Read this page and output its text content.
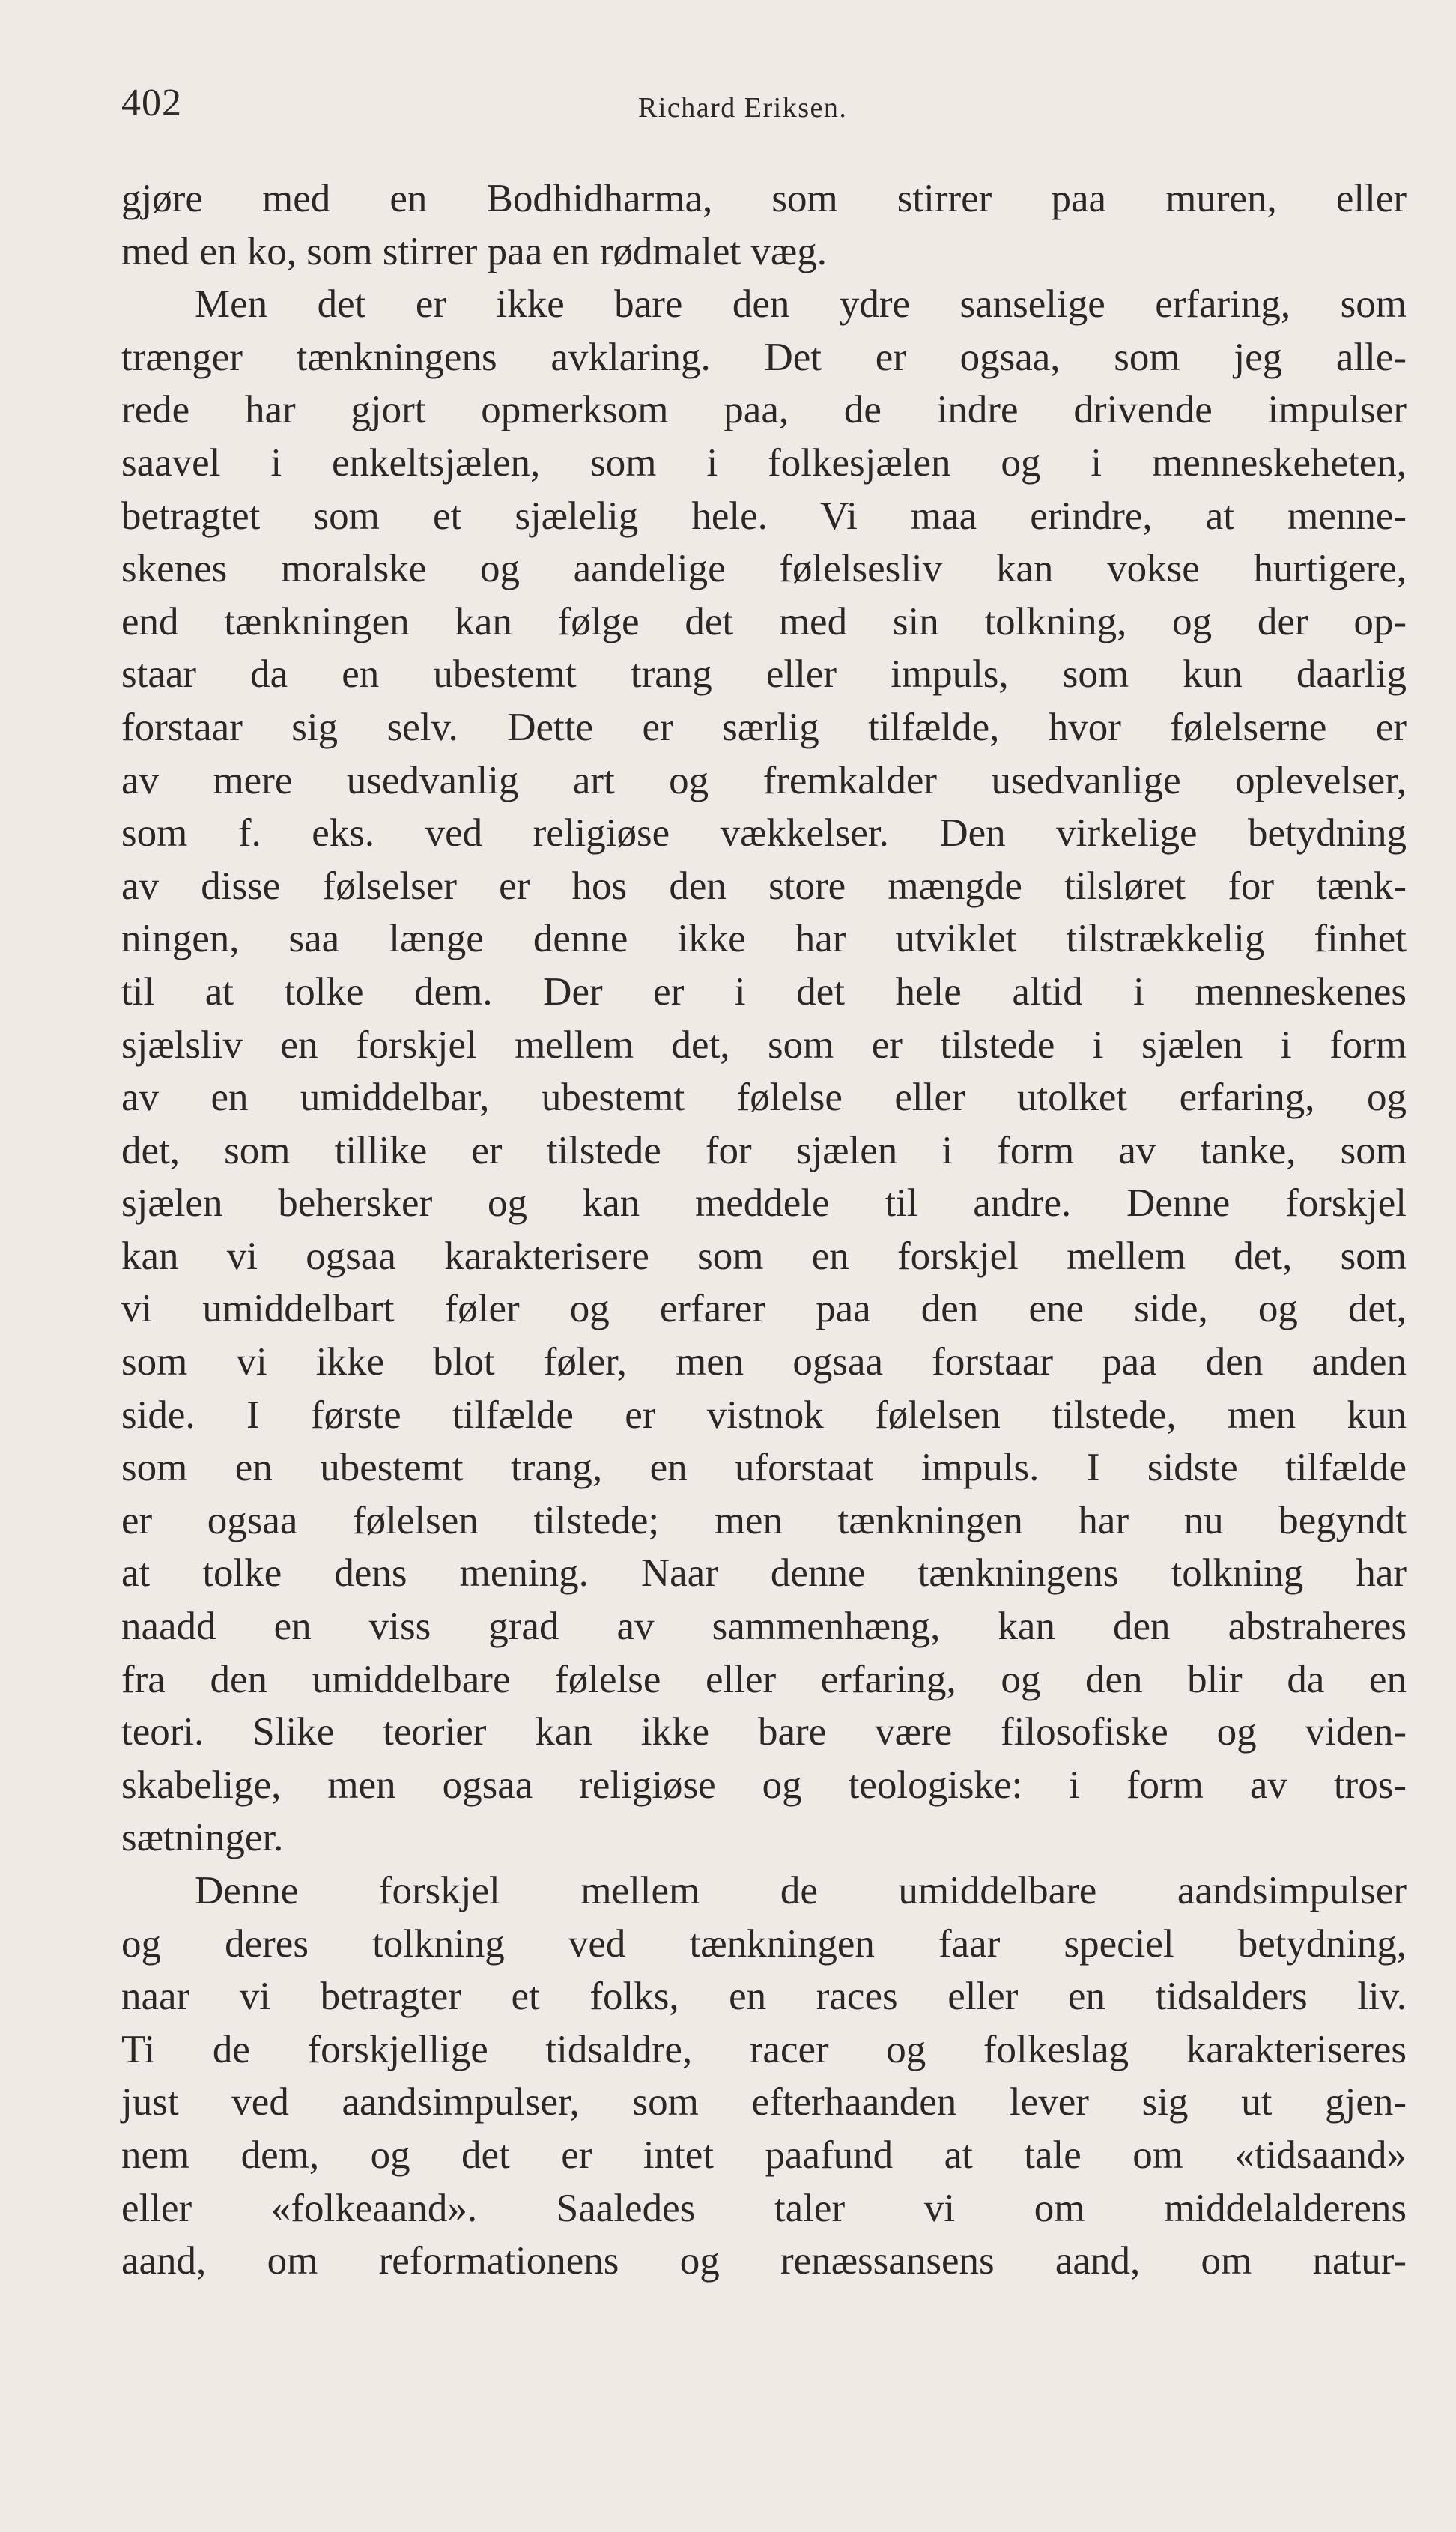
402	Richard Eriksen.
gjøre med en Bodhidharma, som stirrer paa muren, eller
med en ko, som stirrer paa en rødmalet væg.
Men det er ikke bare den ydre sanselige erfaring, som
trænger tænkningens avklaring. Det er ogsaa, som jeg alle-
rede har gjort opmerksom paa, de indre drivende impulser
saavel i enkeltsjælen, som i folkesjælen og i menneskeheten,
betragtet som et sjælelig hele. Vi maa erindre, at menne-
skenes moralske og aandelige følelsesliv kan vokse hurtigere,
end tænkningen kan følge det med sin tolkning, og der op-
staar da en ubestemt trang eller impuls, som kun daarlig
forstaar sig selv. Dette er særlig tilfælde, hvor følelserne er
av mere usedvanlig art og fremkalder usedvanlige oplevelser,
som f. eks. ved religiøse vækkelser. Den virkelige betydning
av disse følselser er hos den store mængde tilsløret for tænk-
ningen, saa længe denne ikke har utviklet tilstrækkelig finhet
til at tolke dem. Der er i det hele altid i menneskenes
sjælsliv en forskjel mellem det, som er tilstede i sjælen i form
av en umiddelbar, ubestemt følelse eller utolket erfaring, og
det, som tillike er tilstede for sjælen i form av tanke, som
sjælen behersker og kan meddele til andre. Denne forskjel
kan vi ogsaa karakterisere som en forskjel mellem det, som
vi umiddelbart føler og erfarer paa den ene side, og det,
som vi ikke blot føler, men ogsaa forstaar paa den anden
side. I første tilfælde er vistnok følelsen tilstede, men kun
som en ubestemt trang, en uforstaat impuls. I sidste tilfælde
er ogsaa følelsen tilstede; men tænkningen har nu begyndt
at tolke dens mening. Naar denne tænkningens tolkning har
naadd en viss grad av sammenhæng, kan den abstraheres
fra den umiddelbare følelse eller erfaring, og den blir da en
teori. Slike teorier kan ikke bare være filosofiske og viden-
skabelige, men ogsaa religiøse og teologiske: i form av tros-
sætninger.
Denne forskjel mellem de umiddelbare aandsimpulser
og deres tolkning ved tænkningen faar speciel betydning,
naar vi betragter et folks, en races eller en tidsalders liv.
Ti de forskjellige tidsaldre, racer og folkeslag karakteriseres
just ved aandsimpulser, som efterhaanden lever sig ut gjen-
nem dem, og det er intet paafund at tale om «tidsaand»
eller «folkeaand». Saaledes taler vi om middelalderens
aand, om reformationens og renæssansens aand, om natur-
